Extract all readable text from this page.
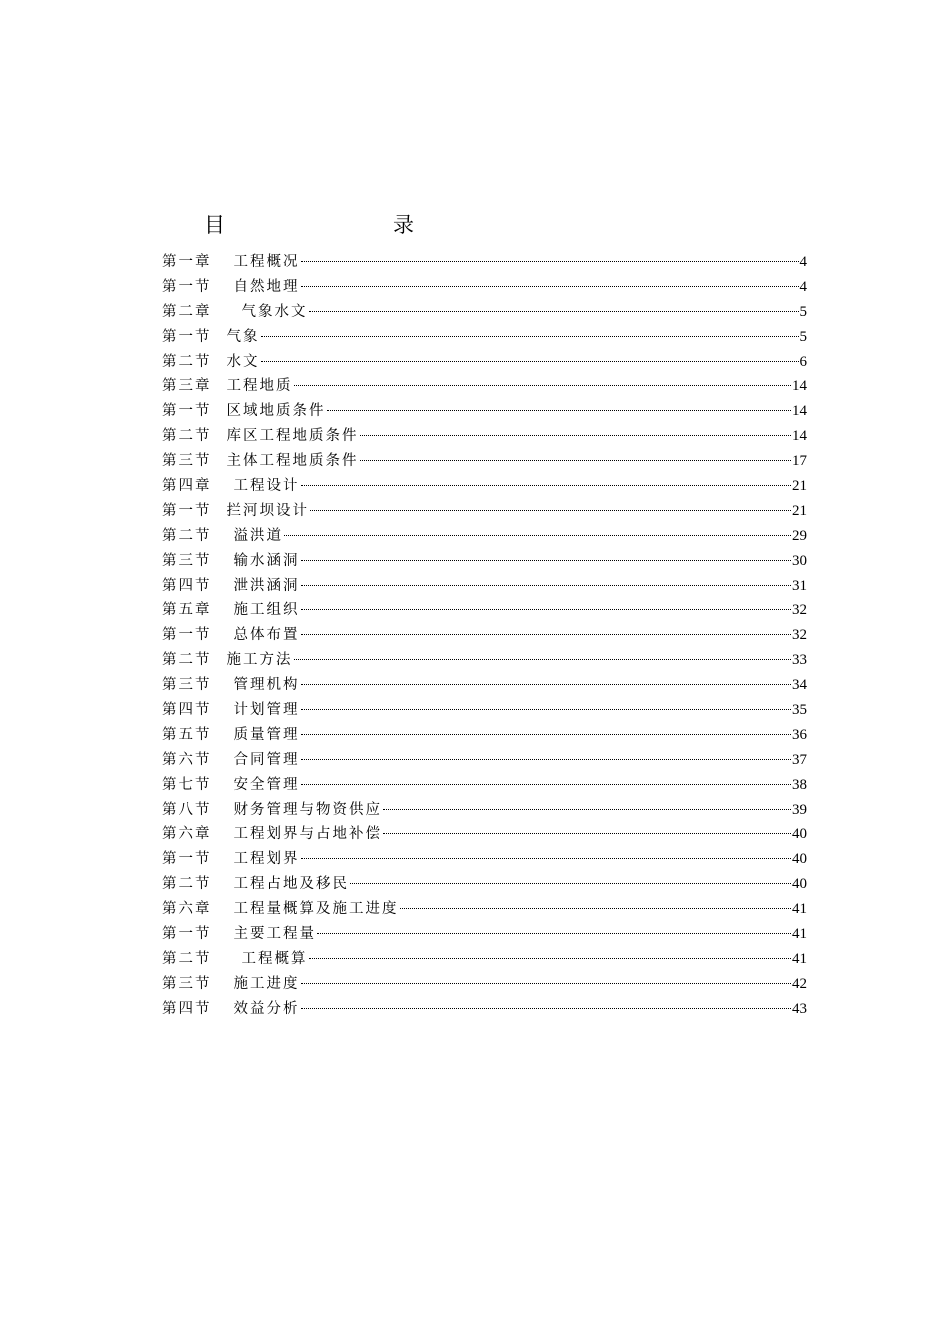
目	录
第一章 工程概况	4
第一节 自然地理	4
第二章 气象水文	5
第一节 气象	5
第二节 水文	6
第三章 工程地质	14
第一节 区域地质条件	14
第二节 库区工程地质条件	14
第三节 主体工程地质条件	17
第四章 工程设计	21
第一节 拦河坝设计	21
第二节 溢洪道	29
第三节 输水涵洞	30
第四节 泄洪涵洞	31
第五章 施工组织	32
第一节 总体布置	32
第二节 施工方法	33
第三节 管理机构	34
第四节 计划管理	35
第五节 质量管理	36
第六节 合同管理	37
第七节 安全管理	38
第八节 财务管理与物资供应	39
第六章 工程划界与占地补偿	40
第一节 工程划界	40
第二节 工程占地及移民	40
第六章 工程量概算及施工进度	41
第一节 主要工程量	41
第二节 工程概算	41
第三节 施工进度	42
第四节 效益分析	43
